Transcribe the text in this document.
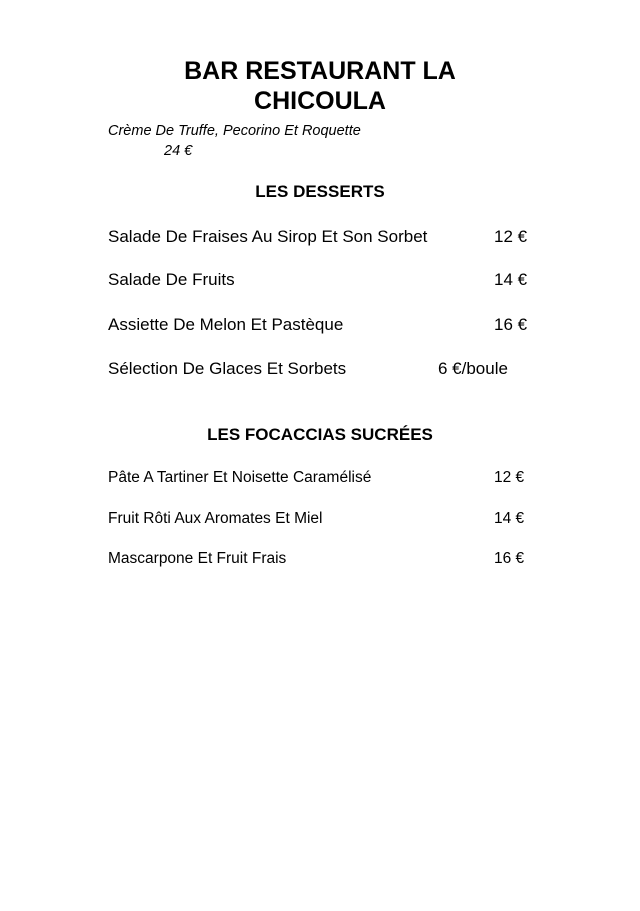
BAR RESTAURANT LA
CHICOULA
Crème De Truffe, Pecorino Et Roquette
24 €
LES DESSERTS
Salade De Fraises Au Sirop Et Son Sorbet	12 €
Salade De Fruits	14 €
Assiette De Melon Et Pastèque	16 €
Sélection De Glaces Et Sorbets	6 €/boule
LES FOCACCIAS SUCRÉES
Pâte A Tartiner Et Noisette Caramélisé	12 €
Fruit Rôti Aux Aromates Et Miel	14 €
Mascarpone Et Fruit Frais	16 €
